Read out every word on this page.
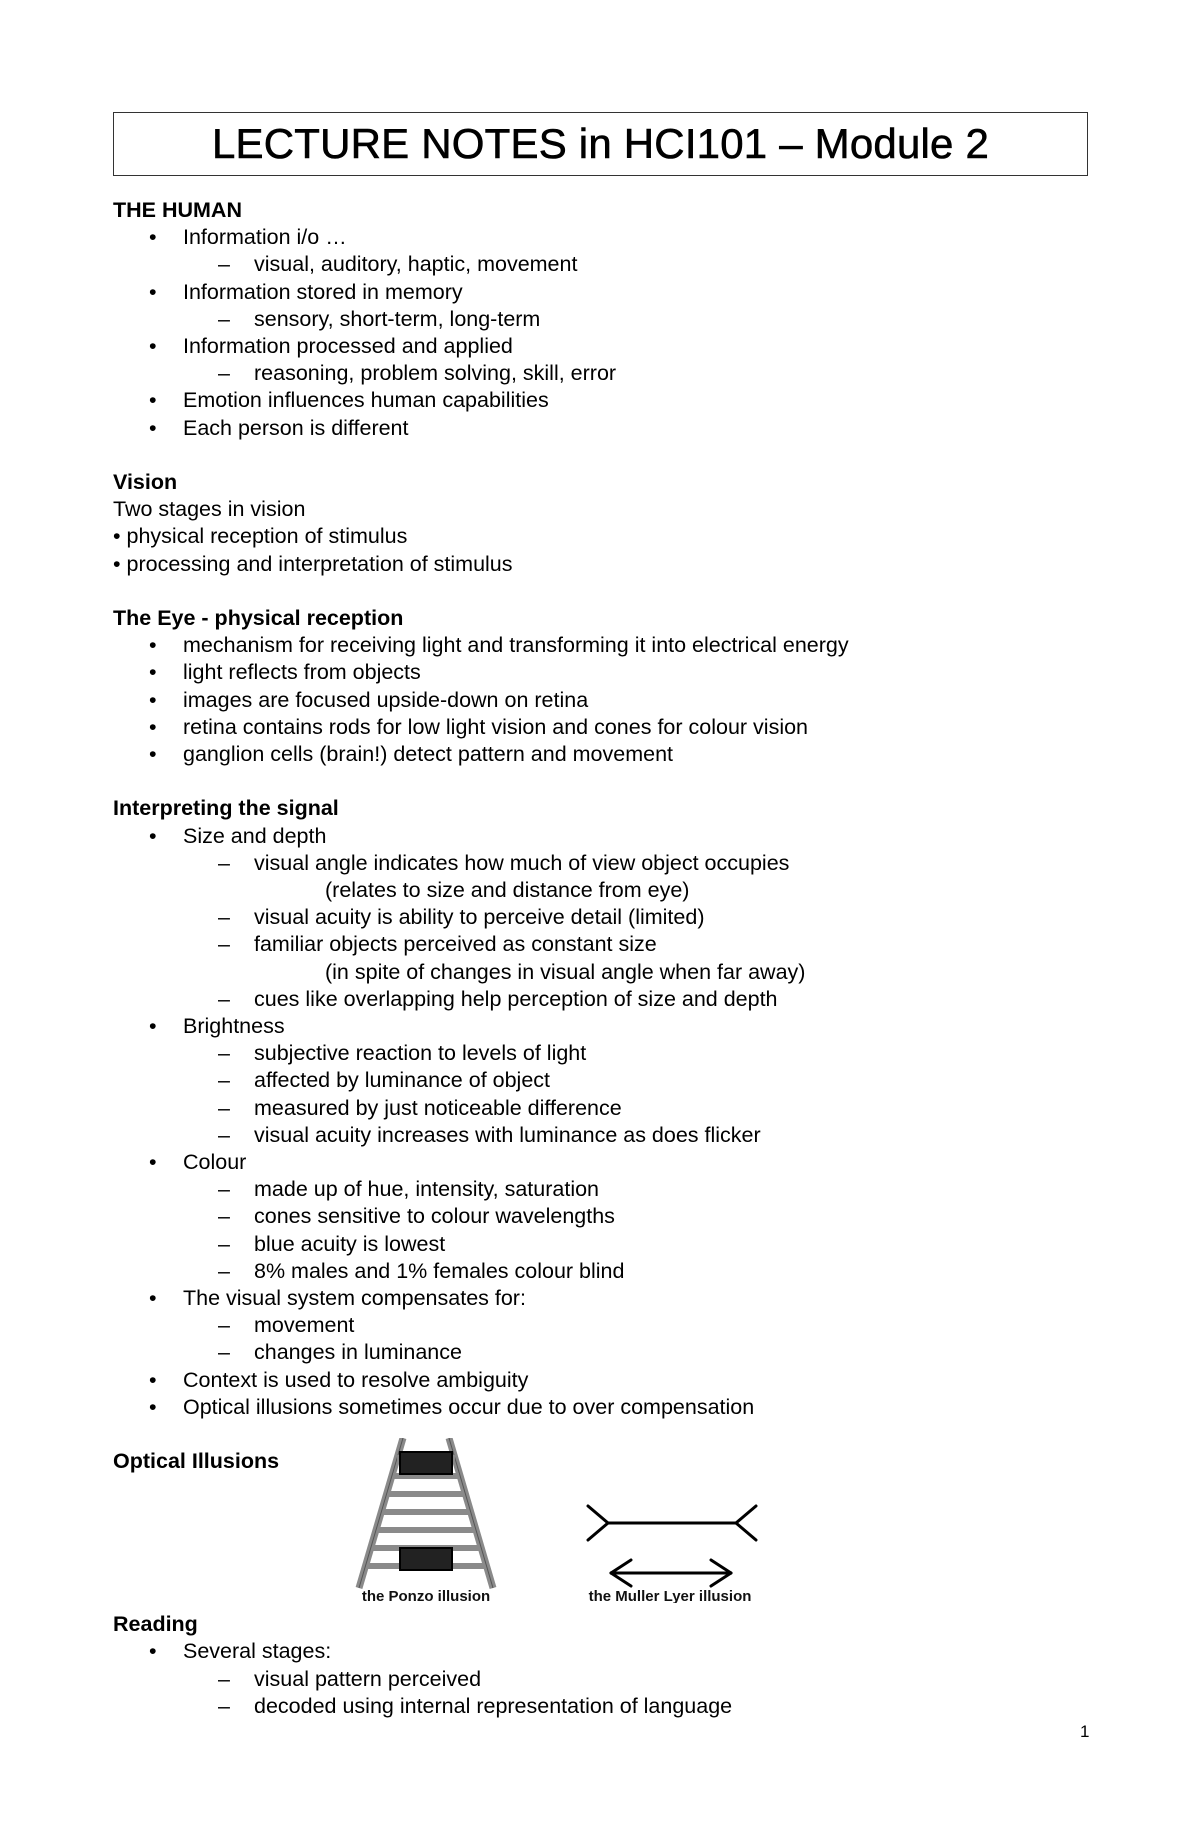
LECTURE NOTES in HCI101 – Module 2
THE HUMAN
• Information i/o …
– visual, auditory, haptic, movement
• Information stored in memory
– sensory, short-term, long-term
• Information processed and applied
– reasoning, problem solving, skill, error
• Emotion influences human capabilities
• Each person is different
Vision
Two stages in vision
• physical reception of stimulus
• processing and interpretation of stimulus
The Eye - physical reception
• mechanism for receiving light and transforming it into electrical energy
• light reflects from objects
• images are focused upside-down on retina
• retina contains rods for low light vision and cones for colour vision
• ganglion cells (brain!) detect pattern and movement
Interpreting the signal
• Size and depth
– visual angle indicates how much of view object occupies
(relates to size and distance from eye)
– visual acuity is ability to perceive detail (limited)
– familiar objects perceived as constant size
(in spite of changes in visual angle when far away)
– cues like overlapping help perception of size and depth
• Brightness
– subjective reaction to levels of light
– affected by luminance of object
– measured by just noticeable difference
– visual acuity increases with luminance as does flicker
• Colour
– made up of hue, intensity, saturation
– cones sensitive to colour wavelengths
– blue acuity is lowest
– 8% males and 1% females colour blind
• The visual system compensates for:
– movement
– changes in luminance
• Context is used to resolve ambiguity
• Optical illusions sometimes occur due to over compensation
Optical Illusions
the Ponzo illusion	the Muller Lyer illusion
Reading
• Several stages:
– visual pattern perceived
– decoded using internal representation of language
1
